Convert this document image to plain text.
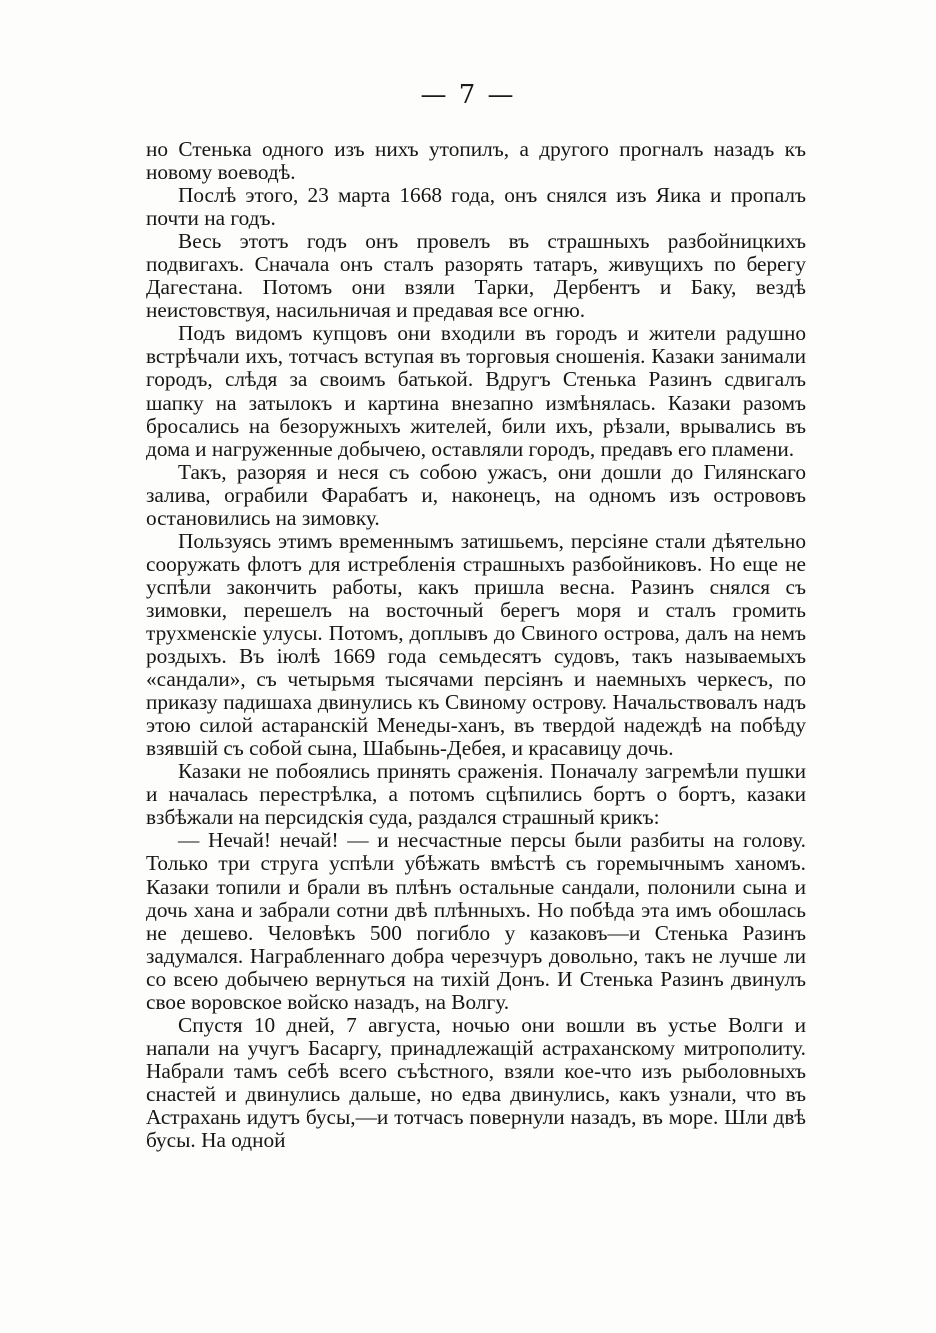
— 7 —

но Стенька одного изъ нихъ утопилъ, а другого прогналъ назадъ къ новому воеводѣ.

Послѣ этого, 23 марта 1668 года, онъ снялся изъ Яика и пропалъ почти на годъ.

Весь этотъ годъ онъ провелъ въ страшныхъ разбойницкихъ подвигахъ. Сначала онъ сталъ разорять татаръ, живущихъ по берегу Дагестана. Потомъ они взяли Тарки, Дербентъ и Баку, вездѣ неистовствуя, насильничая и предавая все огню.

Подъ видомъ купцовъ они входили въ городъ и жители радушно встрѣчали ихъ, тотчасъ вступая въ торговыя сношенія. Казаки занимали городъ, слѣдя за своимъ батькой. Вдругъ Стенька Разинъ сдвигалъ шапку на затылокъ и картина внезапно измѣнялась. Казаки разомъ бросались на безоружныхъ жителей, били ихъ, рѣзали, врывались въ дома и нагруженные добычею, оставляли городъ, предавъ его пламени.

Такъ, разоряя и неся съ собою ужасъ, они дошли до Гилянскаго залива, ограбили Фарабатъ и, наконецъ, на одномъ изъ острововъ остановились на зимовку.

Пользуясь этимъ временнымъ затишьемъ, персіяне стали дѣятельно сооружать флотъ для истребленія страшныхъ разбойниковъ. Но еще не успѣли закончить работы, какъ пришла весна. Разинъ снялся съ зимовки, перешелъ на восточный берегъ моря и сталъ громить трухменскіе улусы. Потомъ, доплывъ до Свиного острова, далъ на немъ роздыхъ. Въ іюлѣ 1669 года семьдесятъ судовъ, такъ называемыхъ «сандали», съ четырьмя тысячами персіянъ и наемныхъ черкесъ, по приказу падишаха двинулись къ Свиному острову. Начальствовалъ надъ этою силой астаранскій Менеды-ханъ, въ твердой надеждѣ на побѣду взявшій съ собой сына, Шабынь-Дебея, и красавицу дочь.

Казаки не побоялись принять сраженія. Поначалу загремѣли пушки и началась перестрѣлка, а потомъ сцѣпились бортъ о бортъ, казаки взбѣжали на персидскія суда, раздался страшный крикъ:

— Нечай! нечай! — и несчастные персы были разбиты на голову. Только три струга успѣли убѣжать вмѣстѣ съ горемычнымъ ханомъ. Казаки топили и брали въ плѣнъ остальные сандали, полонили сына и дочь хана и забрали сотни двѣ плѣнныхъ. Но побѣда эта имъ обошлась не дешево. Человѣкъ 500 погибло у казаковъ—и Стенька Разинъ задумался. Награбленнаго добра черезчуръ довольно, такъ не лучше ли со всею добычею вернуться на тихій Донъ. И Стенька Разинъ двинулъ свое воровское войско назадъ, на Волгу.

Спустя 10 дней, 7 августа, ночью они вошли въ устье Волги и напали на учугъ Басаргу, принадлежащій астраханскому митрополиту. Набрали тамъ себѣ всего съѣстного, взяли кое-что изъ рыболовныхъ снастей и двинулись дальше, но едва двинулись, какъ узнали, что въ Астрахань идутъ бусы,—и тотчасъ повернули назадъ, въ море. Шли двѣ бусы. На одной
